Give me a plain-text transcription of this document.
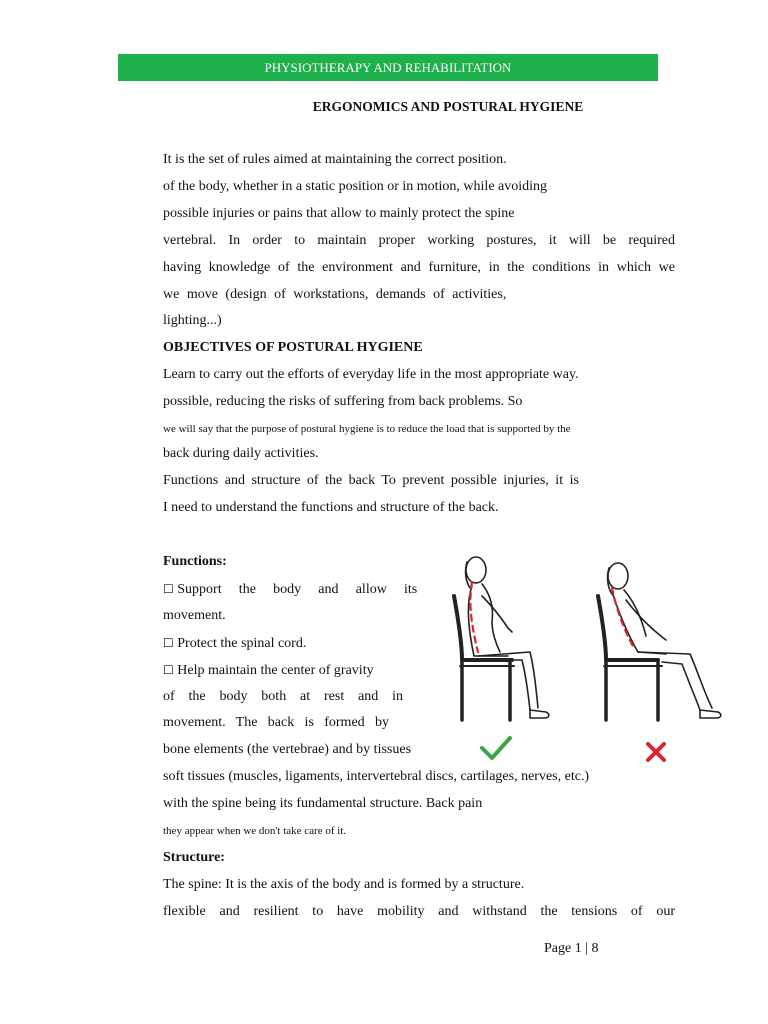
PHYSIOTHERAPY AND REHABILITATION
ERGONOMICS AND POSTURAL HYGIENE
It is the set of rules aimed at maintaining the correct position.
of the body, whether in a static position or in motion, while avoiding
possible injuries or pains that allow to mainly protect the spine
vertebral. In order to maintain proper working postures, it will be required
having knowledge of the environment and furniture, in the conditions in which we
we move (design of workstations, demands of activities,
lighting...)
OBJECTIVES OF POSTURAL HYGIENE
Learn to carry out the efforts of everyday life in the most appropriate way.
possible, reducing the risks of suffering from back problems. So
we will say that the purpose of postural hygiene is to reduce the load that is supported by the
back during daily activities.
Functions and structure of the back To prevent possible injuries, it is
I need to understand the functions and structure of the back.
Functions:
☐ Support the body and allow its
movement.
☐ Protect the spinal cord.
☐ Help maintain the center of gravity
of the body both at rest and in
movement. The back is formed by
bone elements (the vertebrae) and by tissues
soft tissues (muscles, ligaments, intervertebral discs, cartilages, nerves, etc.)
with the spine being its fundamental structure. Back pain
they appear when we don't take care of it.
Structure:
The spine: It is the axis of the body and is formed by a structure.
flexible and resilient to have mobility and withstand the tensions of our
Page 1 | 8
